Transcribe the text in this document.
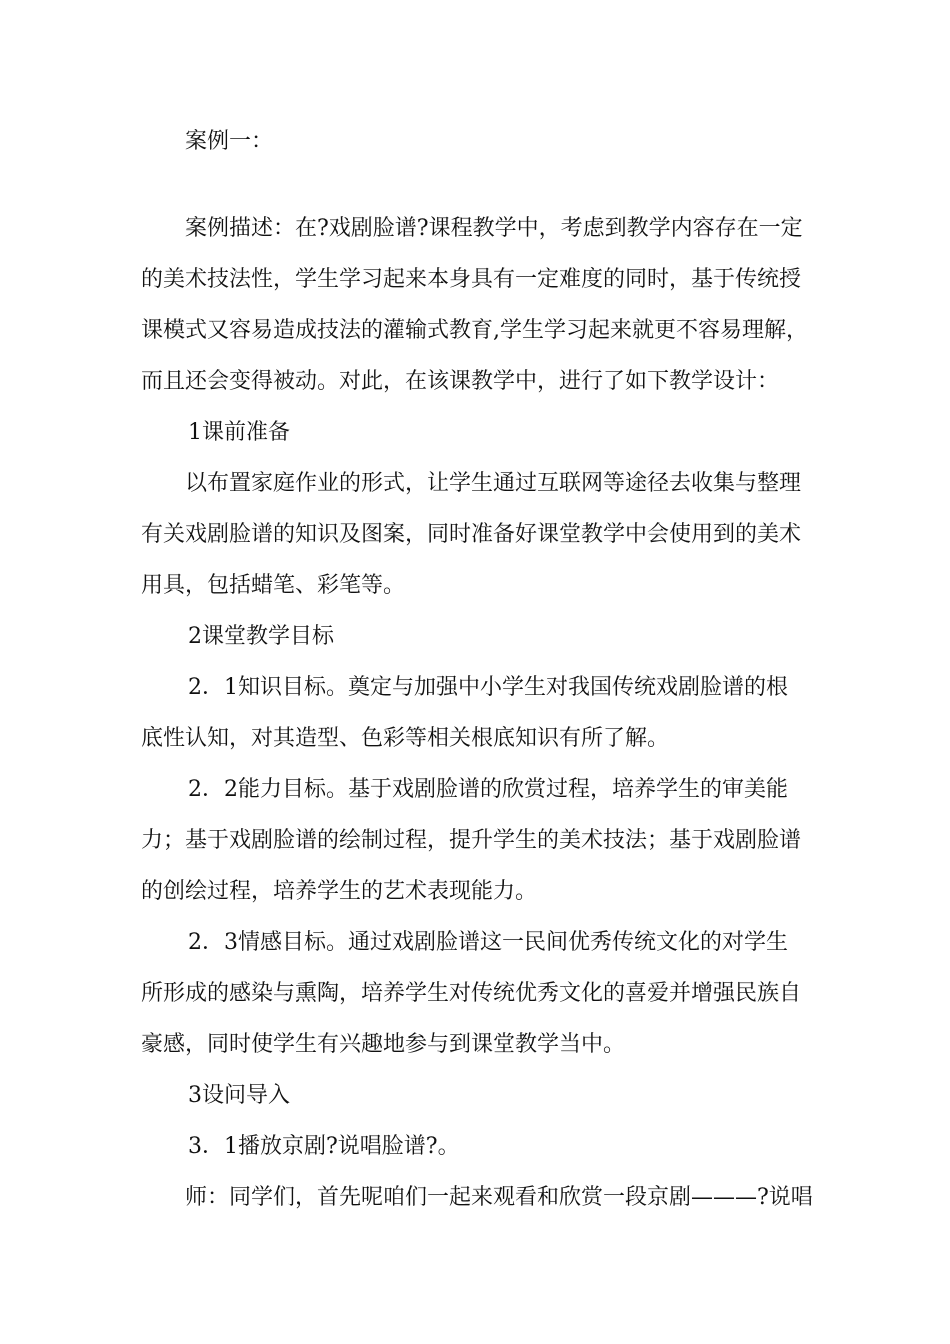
案例一：
案例描述：在?戏剧脸谱?课程教学中，考虑到教学内容存在一定
的美术技法性，学生学习起来本身具有一定难度的同时，基于传统授
课模式又容易造成技法的灌输式教育,学生学习起来就更不容易理解，
而且还会变得被动。对此，在该课教学中，进行了如下教学设计：
1课前准备
以布置家庭作业的形式，让学生通过互联网等途径去收集与整理
有关戏剧脸谱的知识及图案，同时准备好课堂教学中会使用到的美术
用具，包括蜡笔、彩笔等。
2课堂教学目标
2．1知识目标。奠定与加强中小学生对我国传统戏剧脸谱的根
底性认知，对其造型、色彩等相关根底知识有所了解。
2．2能力目标。基于戏剧脸谱的欣赏过程，培养学生的审美能
力；基于戏剧脸谱的绘制过程，提升学生的美术技法；基于戏剧脸谱
的创绘过程，培养学生的艺术表现能力。
2．3情感目标。通过戏剧脸谱这一民间优秀传统文化的对学生
所形成的感染与熏陶，培养学生对传统优秀文化的喜爱并增强民族自
豪感，同时使学生有兴趣地参与到课堂教学当中。
3设问导入
3．1播放京剧?说唱脸谱?。
师：同学们，首先呢咱们一起来观看和欣赏一段京剧———?说唱
